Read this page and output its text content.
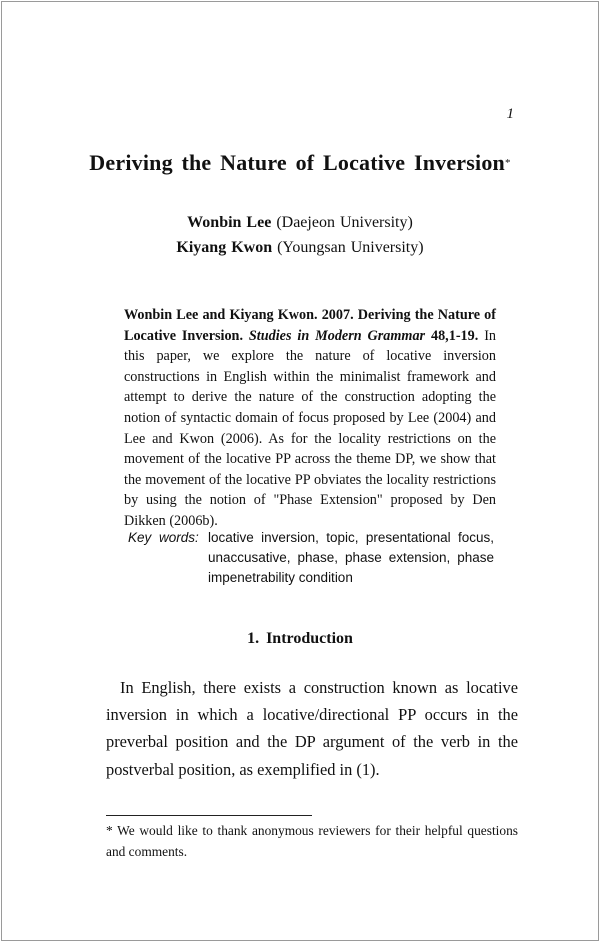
1
Deriving the Nature of Locative Inversion*
Wonbin Lee (Daejeon University)
Kiyang Kwon (Youngsan University)
Wonbin Lee and Kiyang Kwon. 2007. Deriving the Nature of Locative Inversion. Studies in Modern Grammar 48,1-19. In this paper, we explore the nature of locative inversion constructions in English within the minimalist framework and attempt to derive the nature of the construction adopting the notion of syntactic domain of focus proposed by Lee (2004) and Lee and Kwon (2006). As for the locality restrictions on the movement of the locative PP across the theme DP, we show that the movement of the locative PP obviates the locality restrictions by using the notion of "Phase Extension" proposed by Den Dikken (2006b).
Key words: locative inversion, topic, presentational focus, unaccusative, phase, phase extension, phase impenetrability condition
1. Introduction
In English, there exists a construction known as locative inversion in which a locative/directional PP occurs in the preverbal position and the DP argument of the verb in the postverbal position, as exemplified in (1).
* We would like to thank anonymous reviewers for their helpful questions and comments.
